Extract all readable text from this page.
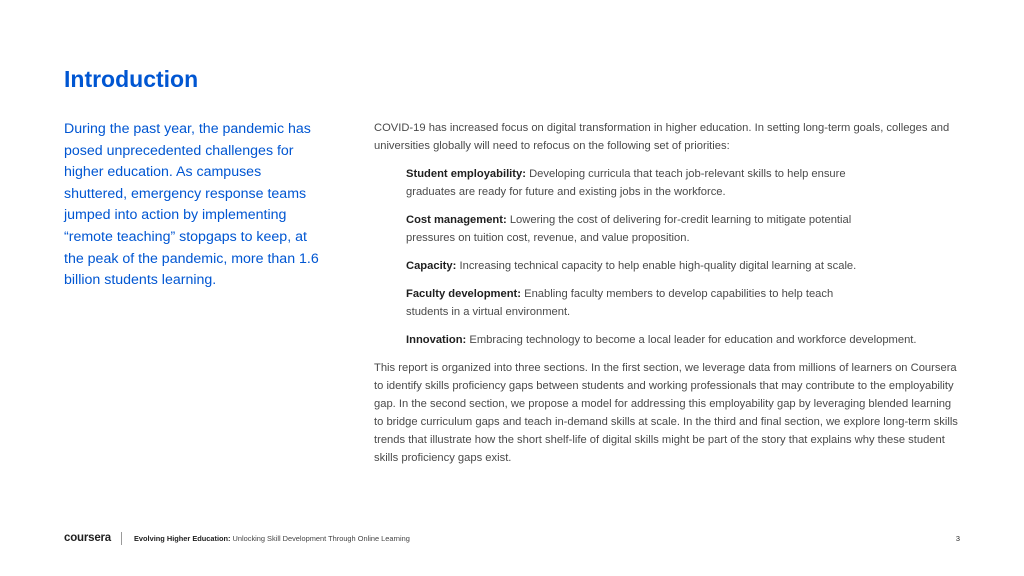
Introduction

During the past year, the pandemic has posed unprecedented challenges for higher education. As campuses shuttered, emergency response teams jumped into action by implementing “remote teaching” stopgaps to keep, at the peak of the pandemic, more than 1.6 billion students learning.

COVID-19 has increased focus on digital transformation in higher education. In setting long-term goals, colleges and universities globally will need to refocus on the following set of priorities:

Student employability: Developing curricula that teach job-relevant skills to help ensure graduates are ready for future and existing jobs in the workforce.
Cost management: Lowering the cost of delivering for-credit learning to mitigate potential pressures on tuition cost, revenue, and value proposition.
Capacity: Increasing technical capacity to help enable high-quality digital learning at scale.
Faculty development: Enabling faculty members to develop capabilities to help teach students in a virtual environment.
Innovation: Embracing technology to become a local leader for education and workforce development.

This report is organized into three sections. In the first section, we leverage data from millions of learners on Coursera to identify skills proficiency gaps between students and working professionals that may contribute to the employability gap. In the second section, we propose a model for addressing this employability gap by leveraging blended learning to bridge curriculum gaps and teach in-demand skills at scale. In the third and final section, we explore long-term skills trends that illustrate how the short shelf-life of digital skills might be part of the story that explains why these student skills proficiency gaps exist.

coursera	Evolving Higher Education: Unlocking Skill Development Through Online Learning	3
